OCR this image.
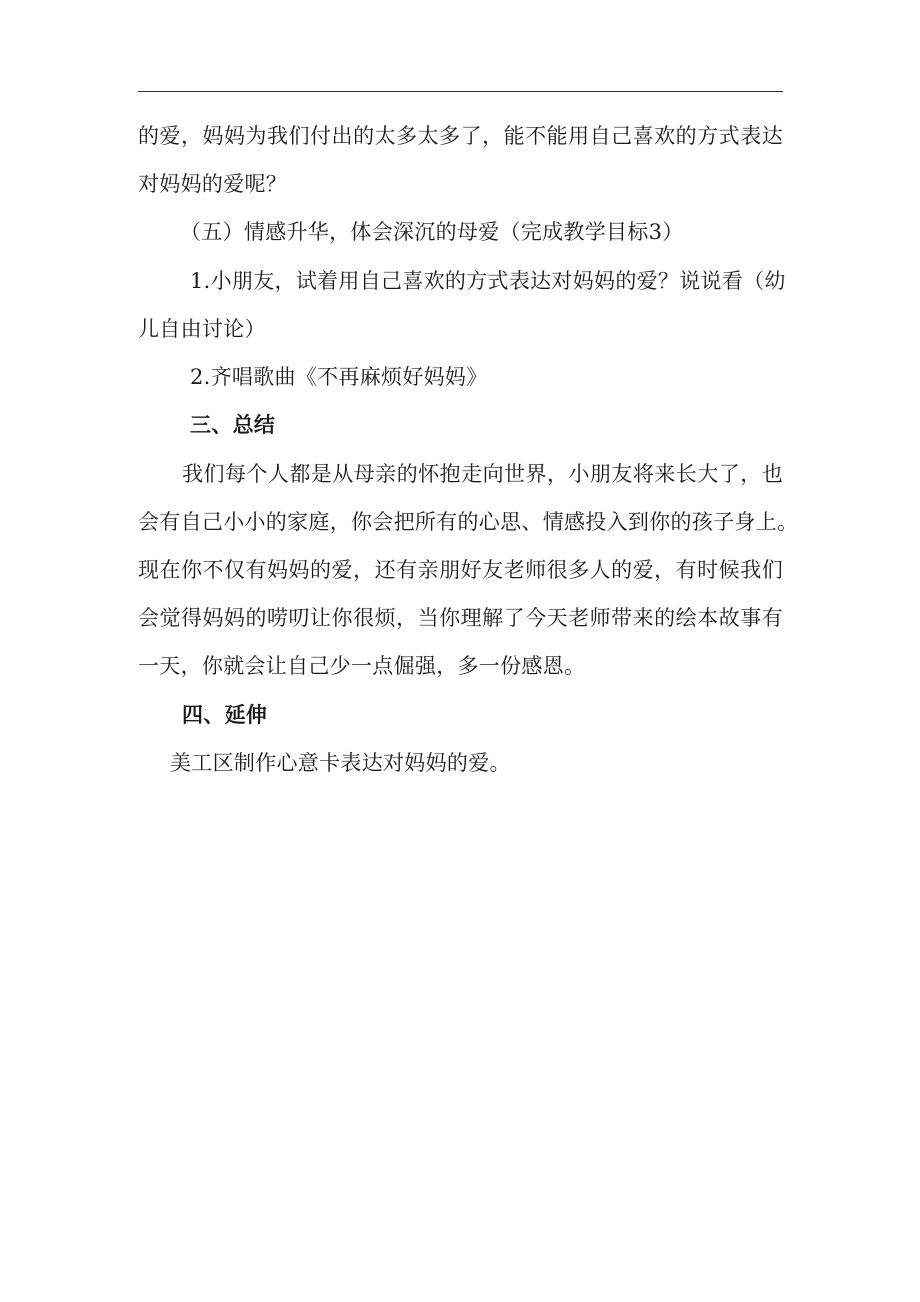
的爱，妈妈为我们付出的太多太多了，能不能用自己喜欢的方式表达
对妈妈的爱呢？
（五）情感升华，体会深沉的母爱（完成教学目标3）
1.小朋友，试着用自己喜欢的方式表达对妈妈的爱？说说看（幼
儿自由讨论）
2.齐唱歌曲《不再麻烦好妈妈》
三、总结
我们每个人都是从母亲的怀抱走向世界，小朋友将来长大了，也
会有自己小小的家庭，你会把所有的心思、情感投入到你的孩子身上。
现在你不仅有妈妈的爱，还有亲朋好友老师很多人的爱，有时候我们
会觉得妈妈的唠叨让你很烦，当你理解了今天老师带来的绘本故事有
一天，你就会让自己少一点倔强，多一份感恩。
四、延伸
美工区制作心意卡表达对妈妈的爱。
